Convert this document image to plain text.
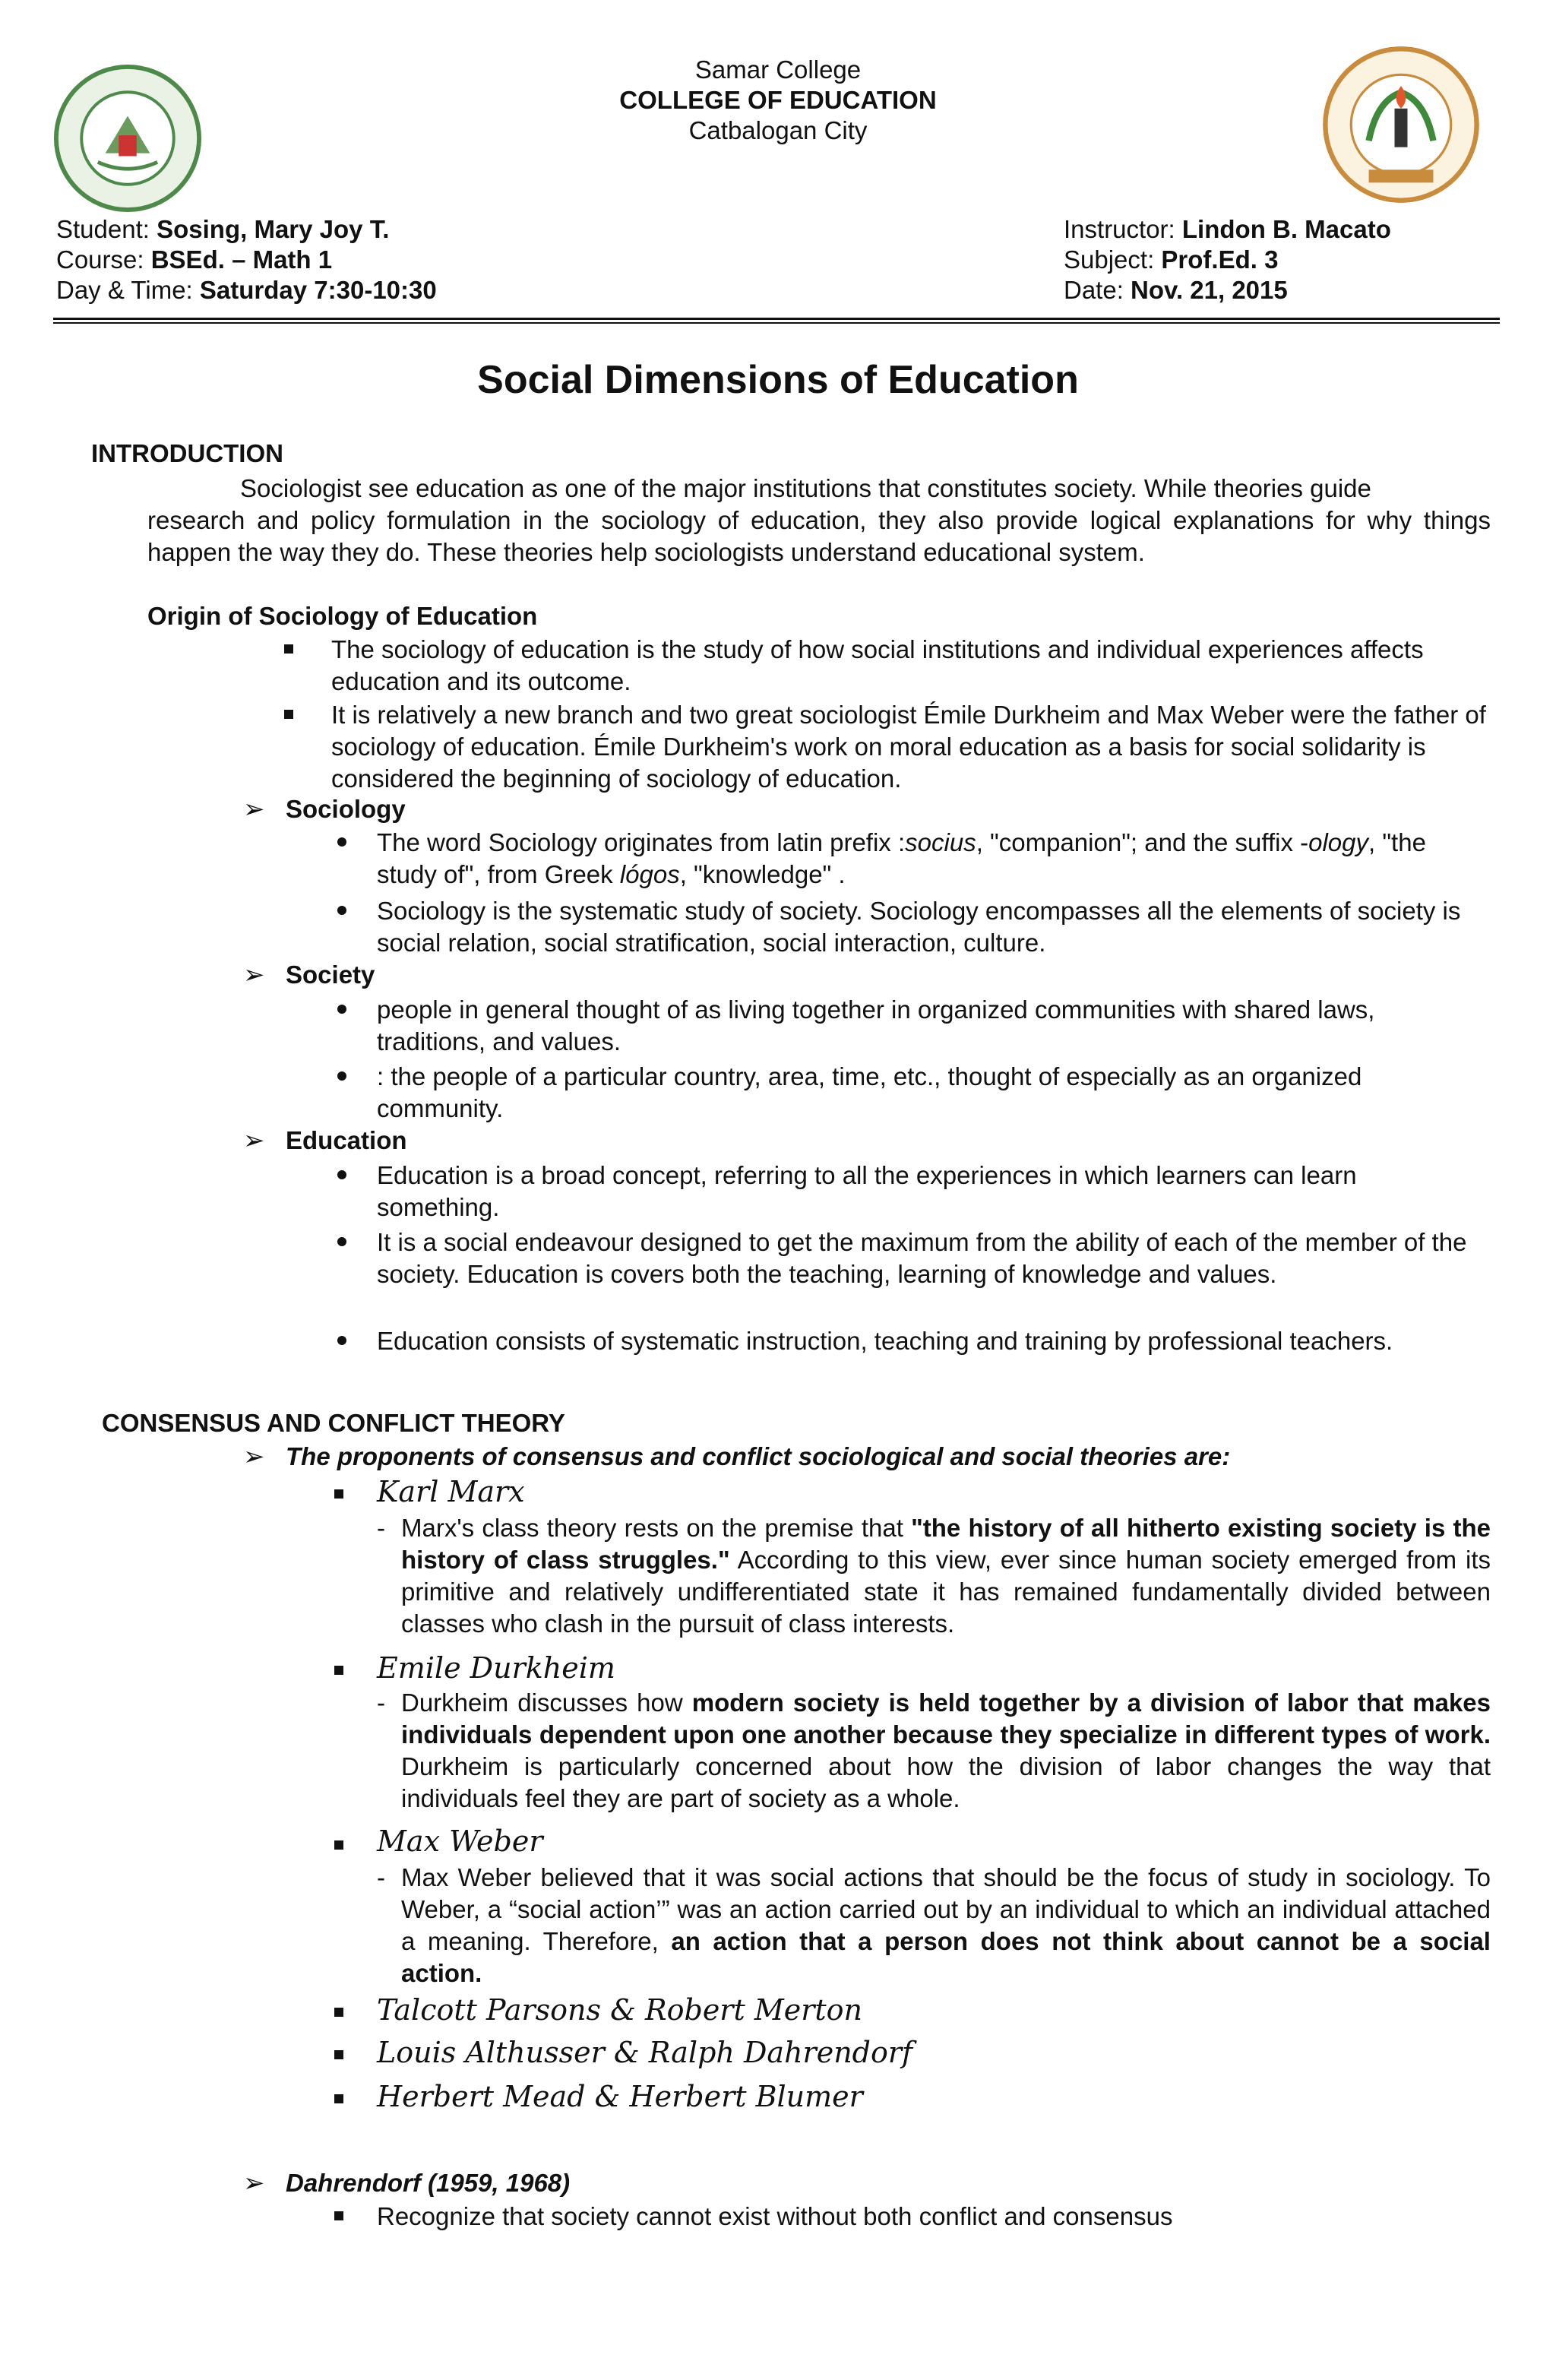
Samar College
COLLEGE OF EDUCATION
Catbalogan City
Student: Sosing, Mary Joy T.
Course: BSEd. – Math 1
Day & Time: Saturday 7:30-10:30
Instructor: Lindon B. Macato
Subject: Prof.Ed. 3
Date: Nov. 21, 2015
Social Dimensions of Education
INTRODUCTION
Sociologist see education as one of the major institutions that constitutes society. While theories guide
research and policy formulation in the sociology of education, they also provide logical explanations for why things happen the way they do. These theories help sociologists understand educational system.
Origin of Sociology of Education
The sociology of education is the study of how social institutions and individual experiences affects education and its outcome.
It is relatively a new branch and two great sociologist Émile Durkheim and Max Weber were the father of sociology of education. Émile Durkheim's work on moral education as a basis for social solidarity is considered the beginning of sociology of education.
➢ Sociology
The word Sociology originates from latin prefix :socius, "companion"; and the suffix -ology, "the study of", from Greek lógos, "knowledge" .
Sociology is the systematic study of society. Sociology encompasses all the elements of society is social relation, social stratification, social interaction, culture.
➢ Society
people in general thought of as living together in organized communities with shared laws, traditions, and values.
: the people of a particular country, area, time, etc., thought of especially as an organized community.
➢ Education
Education is a broad concept, referring to all the experiences in which learners can learn something.
It is a social endeavour designed to get the maximum from the ability of each of the member of the society. Education is covers both the teaching, learning of knowledge and values.
Education consists of systematic instruction, teaching and training by professional teachers.
CONSENSUS AND CONFLICT THEORY
➢ The proponents of consensus and conflict sociological and social theories are:
Karl Marx
- Marx's class theory rests on the premise that "the history of all hitherto existing society is the history of class struggles." According to this view, ever since human society emerged from its primitive and relatively undifferentiated state it has remained fundamentally divided between classes who clash in the pursuit of class interests.
Emile Durkheim
- Durkheim discusses how modern society is held together by a division of labor that makes individuals dependent upon one another because they specialize in different types of work. Durkheim is particularly concerned about how the division of labor changes the way that individuals feel they are part of society as a whole.
Max Weber
- Max Weber believed that it was social actions that should be the focus of study in sociology. To Weber, a “social action’” was an action carried out by an individual to which an individual attached a meaning. Therefore, an action that a person does not think about cannot be a social action.
Talcott Parsons & Robert Merton
Louis Althusser & Ralph Dahrendorf
Herbert Mead & Herbert Blumer
➢ Dahrendorf (1959, 1968)
Recognize that society cannot exist without both conflict and consensus
